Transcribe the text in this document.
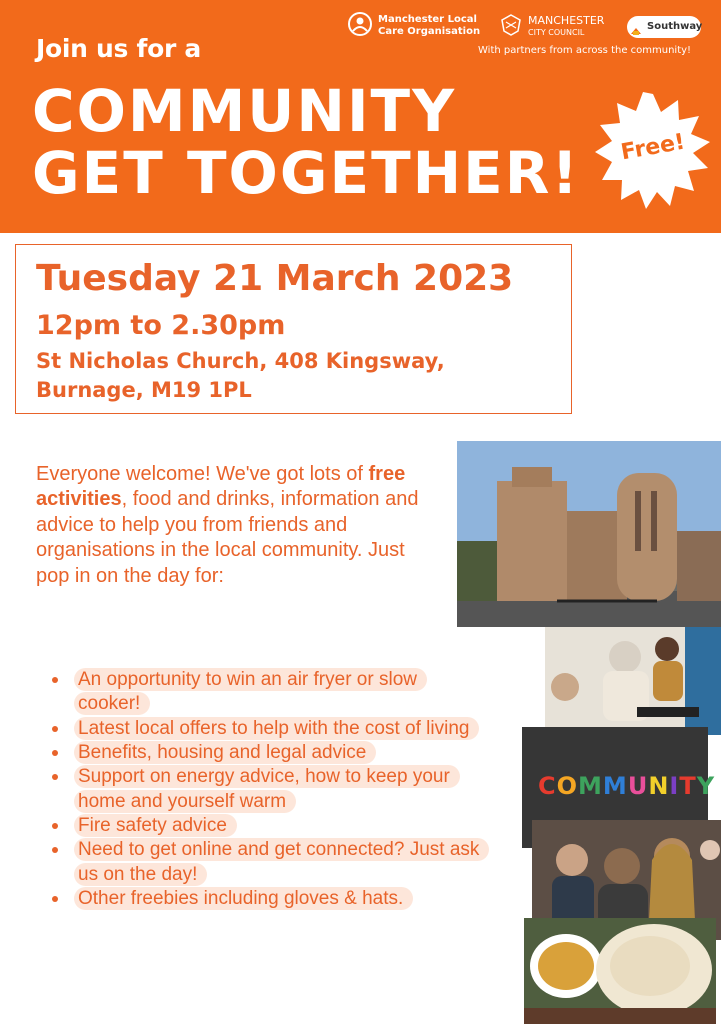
Join us for a
COMMUNITY
GET TOGETHER!
Manchester Local
Care Organisation
MANCHESTER
CITY COUNCIL
Southway
With partners from across the community!
Free!
Tuesday 21 March 2023
12pm to 2.30pm
St Nicholas Church, 408 Kingsway,
Burnage, M19 1PL
Everyone welcome! We've got lots of free activities, food and drinks, information and advice to help you from friends and organisations in the local community. Just pop in on the day for:
An opportunity to win an air fryer or slow cooker!
Latest local offers to help with the cost of living
Benefits, housing and legal advice
Support on energy advice, how to keep your home and yourself warm
Fire safety advice
Need to get online and get connected? Just ask us on the day!
Other freebies including gloves & hats.
COMMUNITY
